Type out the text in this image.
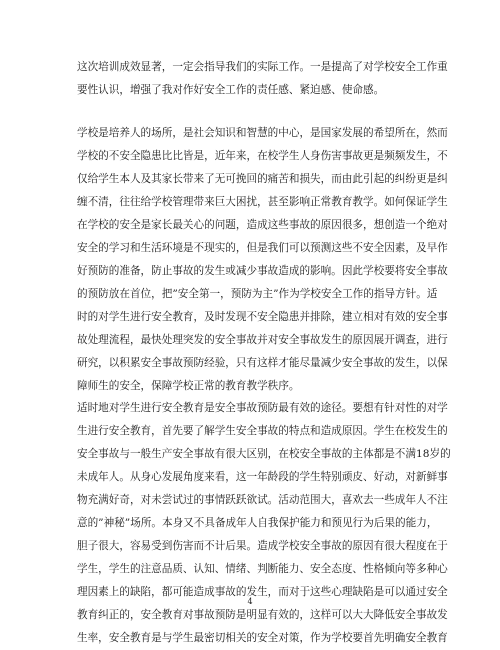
这次培训成效显著，一定会指导我们的实际工作。一是提高了对学校安全工作重
要性认识，增强了我对作好安全工作的责任感、紧迫感、使命感。
学校是培养人的场所，是社会知识和智慧的中心，是国家发展的希望所在，然而
学校的不安全隐患比比皆是，近年来，在校学生人身伤害事故更是频频发生，不
仅给学生本人及其家长带来了无可挽回的痛苦和损失，而由此引起的纠纷更是纠
缠不清，往往给学校管理带来巨大困扰，甚至影响正常教育教学。如何保证学生
在学校的安全是家长最关心的问题，造成这些事故的原因很多，想创造一个绝对
安全的学习和生活环境是不现实的，但是我们可以预测这些不安全因素，及早作
好预防的准备，防止事故的发生或减少事故造成的影响。因此学校要将安全事故
的预防放在首位，把”安全第一，预防为主”作为学校安全工作的指导方针。适
时的对学生进行安全教育，及时发现不安全隐患并排除，建立相对有效的安全事
故处理流程，最快处理突发的安全事故并对安全事故发生的原因展开调查，进行
研究，以积累安全事故预防经验，只有这样才能尽量减少安全事故的发生，以保
障师生的安全，保障学校正常的教育教学秩序。
适时地对学生进行安全教育是安全事故预防最有效的途径。要想有针对性的对学
生进行安全教育，首先要了解学生安全事故的特点和造成原因。学生在校发生的
安全事故与一般生产安全事故有很大区别，在校安全事故的主体都是不满18岁的
未成年人。从身心发展角度来看，这一年龄段的学生特别顽皮、好动，对新鲜事
物充满好奇，对未尝试过的事情跃跃欲试。活动范围大，喜欢去一些成年人不注
意的”神秘”场所。本身又不具备成年人自我保护能力和预见行为后果的能力，
胆子很大，容易受到伤害而不计后果。造成学校安全事故的原因有很大程度在于
学生，学生的注意品质、认知、情绪、判断能力、安全态度、性格倾向等多种心
理因素上的缺陷，都可能造成事故的发生，而对于这些心理缺陷是可以通过安全
教育纠正的，安全教育对事故预防是明显有效的，这样可以大大降低安全事故发
生率，安全教育是与学生最密切相关的安全对策，作为学校要首先明确安全教育
4
